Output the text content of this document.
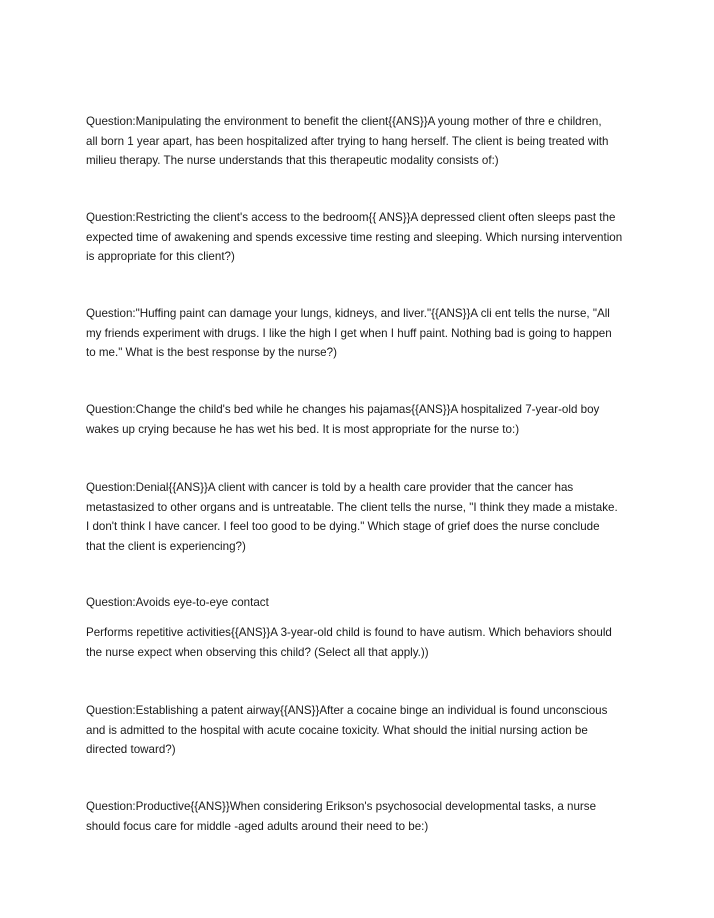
Question:Manipulating the environment to benefit the client{{ANS}}A young mother of thre e children,
all born 1 year apart, has been hospitalized after trying to hang herself. The client is being treated with
milieu therapy. The nurse understands that this therapeutic modality consists of:)

Question:Restricting the client's access to the bedroom{{ ANS}}A depressed client often sleeps past the
expected time of awakening and spends excessive time resting and sleeping. Which nursing intervention
is appropriate for this client?)

Question:"Huffing paint can damage your lungs, kidneys, and liver."{{ANS}}A cli ent tells the nurse, "All
my friends experiment with drugs. I like the high I get when I huff paint. Nothing bad is going to happen
to me." What is the best response by the nurse?)

Question:Change the child's bed while he changes his pajamas{{ANS}}A hospitalized 7-year-old boy
wakes up crying because he has wet his bed. It is most appropriate for the nurse to:)

Question:Denial{{ANS}}A client with cancer is told by a health care provider that the cancer has
metastasized to other organs and is untreatable. The client tells the nurse, "I think they made a mistake.
I don't think I have cancer. I feel too good to be dying." Which stage of grief does the nurse conclude
that the client is experiencing?)

Question:Avoids eye-to-eye contact

Performs repetitive activities{{ANS}}A 3-year-old child is found to have autism. Which behaviors should
the nurse expect when observing this child? (Select all that apply.))

Question:Establishing a patent airway{{ANS}}After a cocaine binge an individual is found unconscious
and is admitted to the hospital with acute cocaine toxicity. What should the initial nursing action be
directed toward?)

Question:Productive{{ANS}}When considering Erikson's psychosocial developmental tasks, a nurse
should focus care for middle -aged adults around their need to be:)
